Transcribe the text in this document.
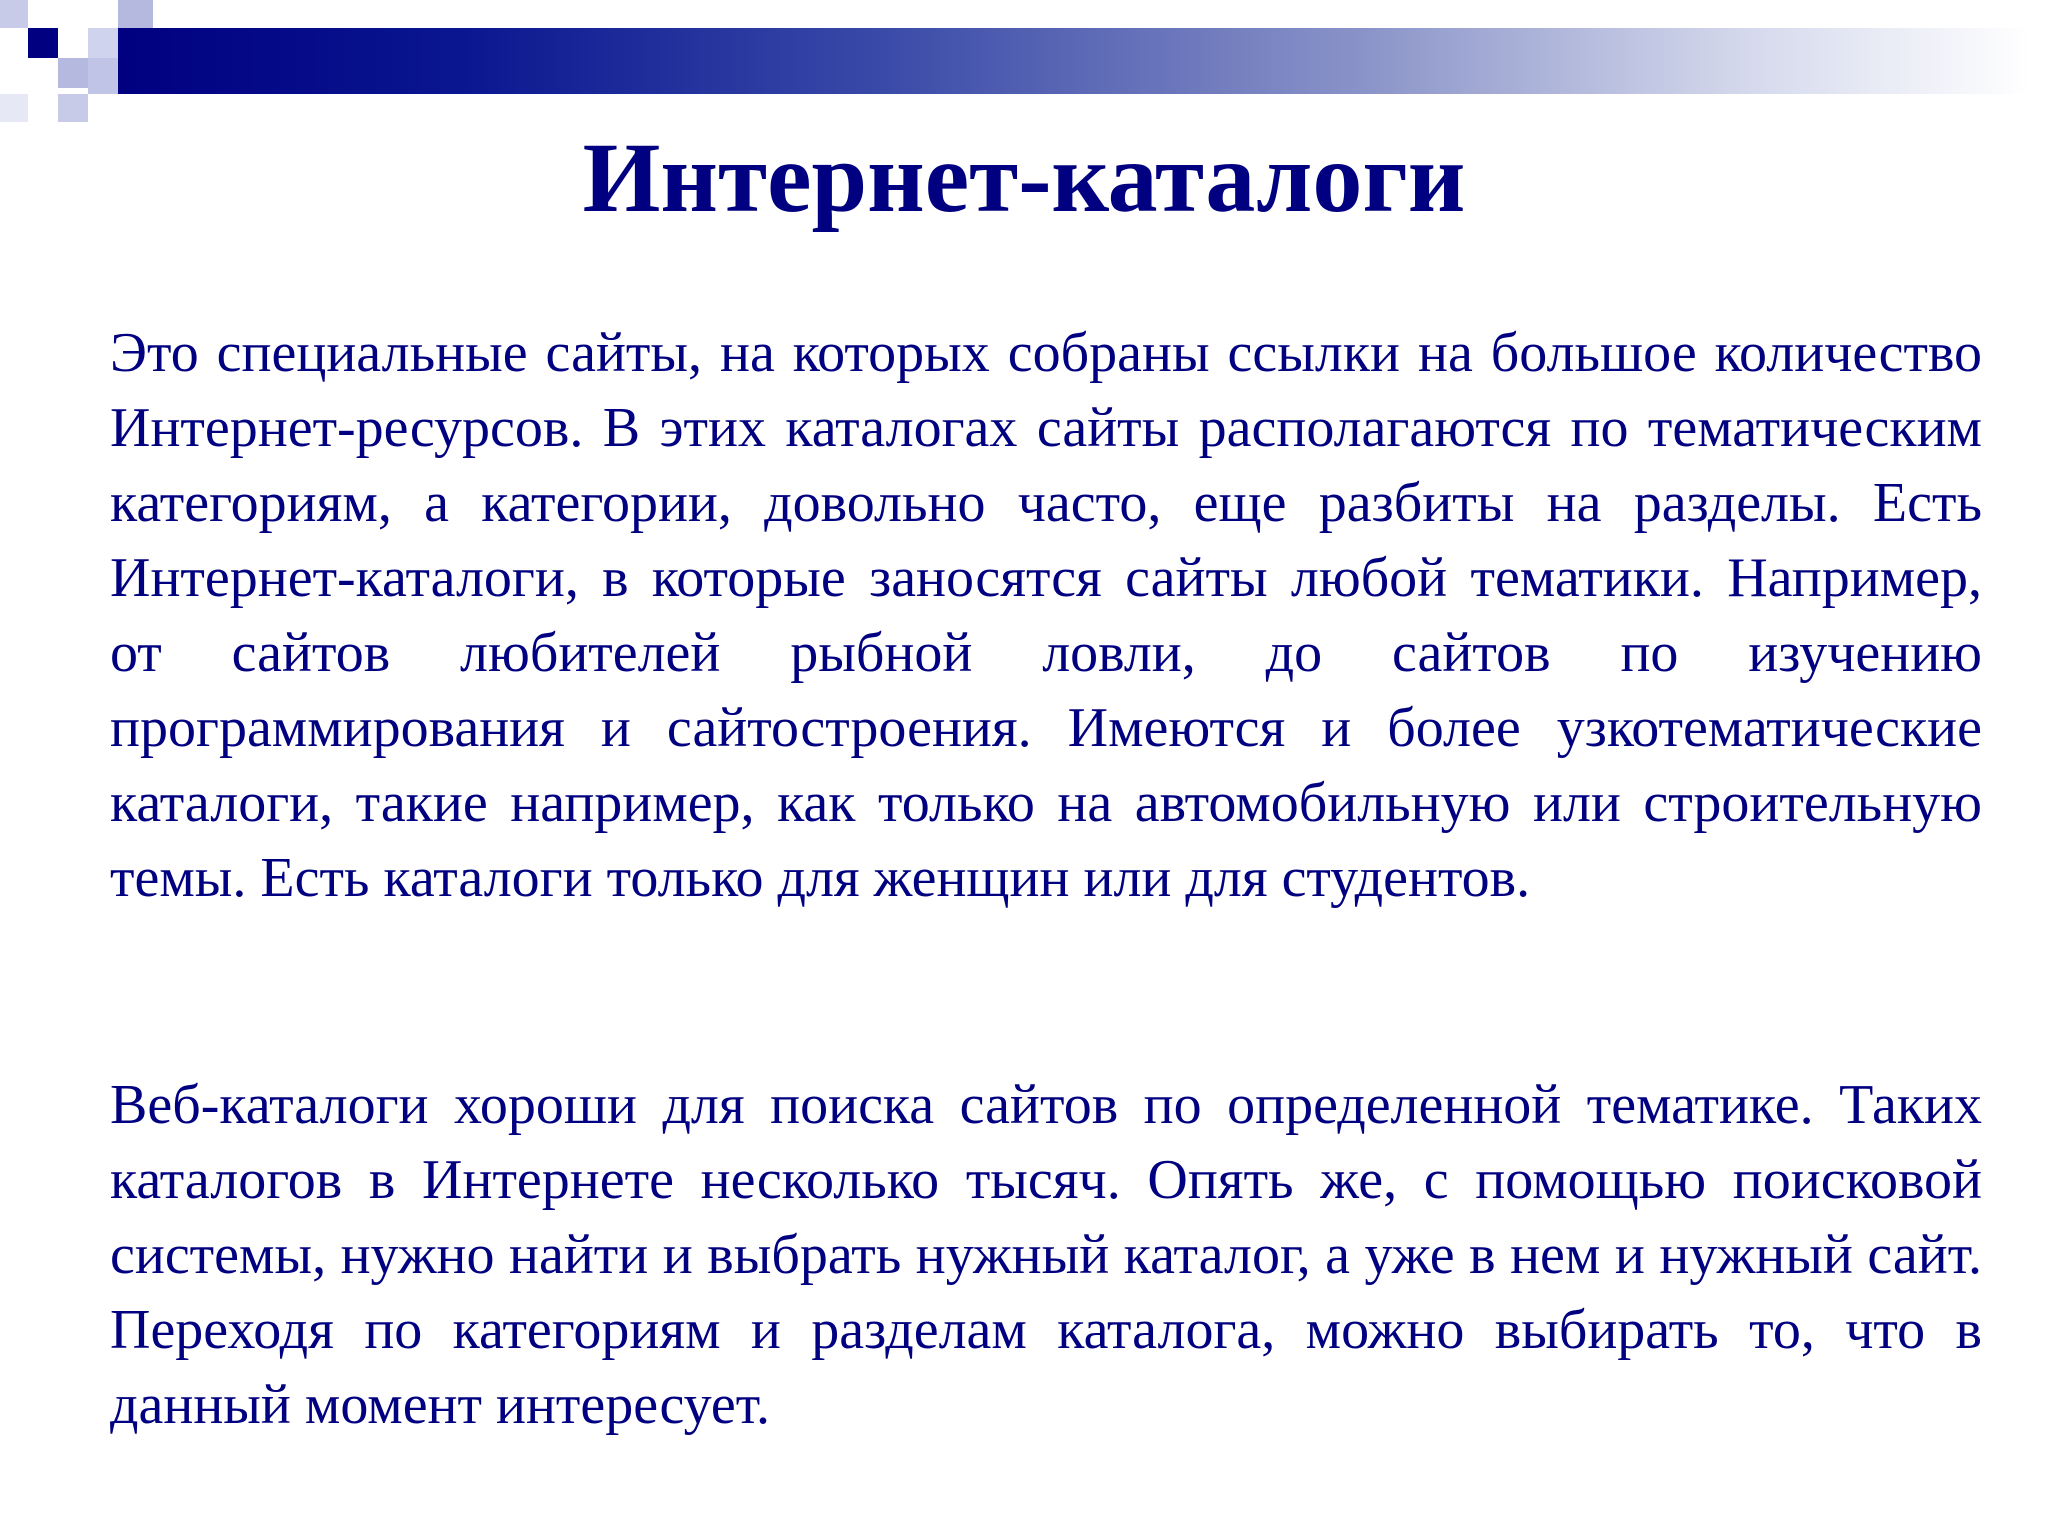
Интернет-каталоги

Это специальные сайты, на которых собраны ссылки на большое количество Интернет-ресурсов. В этих каталогах сайты располагаются по тематическим категориям, а категории, довольно часто, еще разбиты на разделы. Есть Интернет-каталоги, в которые заносятся сайты любой тематики. Например, от сайтов любителей рыбной ловли, до сайтов по изучению программирования и сайтостроения. Имеются и более узкотематические каталоги, такие например, как только на автомобильную или строительную темы. Есть каталоги только для женщин или для студентов.

Веб-каталоги хороши для поиска сайтов по определенной тематике. Таких каталогов в Интернете несколько тысяч. Опять же, с помощью поисковой системы, нужно найти и выбрать нужный каталог, а уже в нем и нужный сайт. Переходя по категориям и разделам каталога, можно выбирать то, что в данный момент интересует.
